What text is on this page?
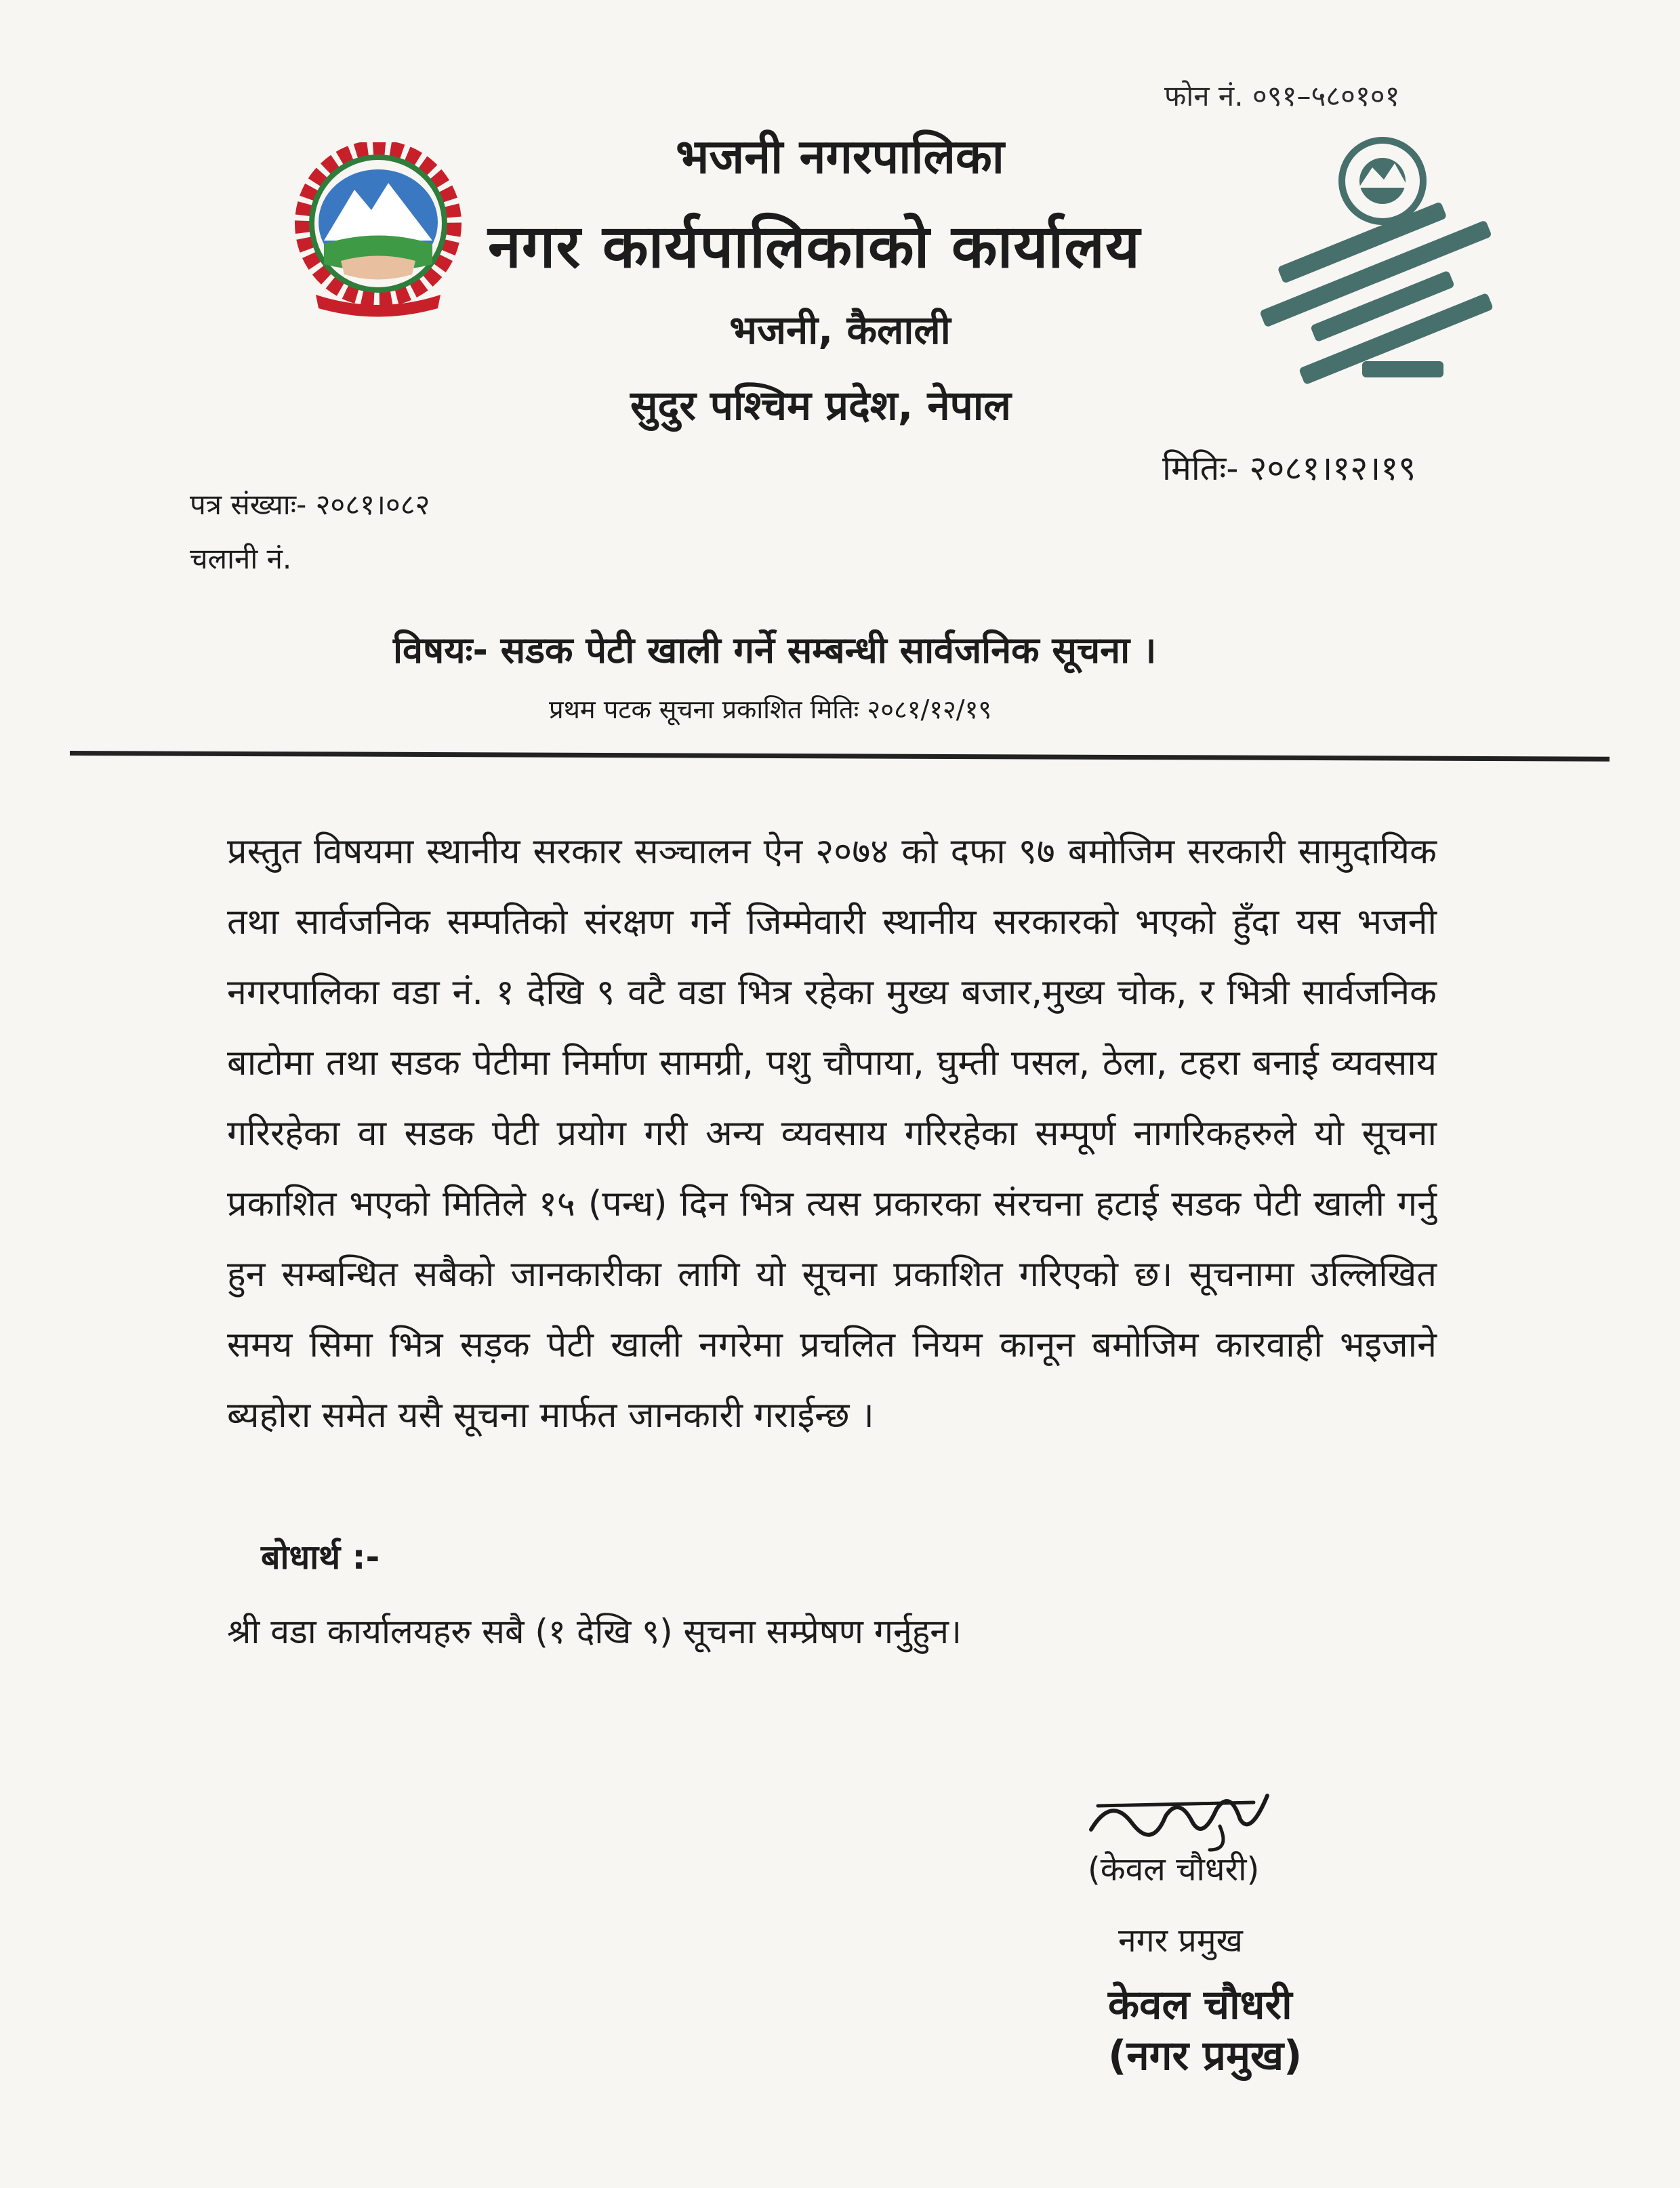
फोन नं. ०९१–५८०१०१
भजनी नगरपालिका
नगर कार्यपालिकाको कार्यालय
भजनी, कैलाली
सुदुर पश्चिम प्रदेश, नेपाल
मितिः- २०८१।१२।१९
पत्र संख्याः- २०८१।०८२
चलानी नं.
विषयः- सडक पेटी खाली गर्ने सम्बन्धी सार्वजनिक सूचना ।
प्रथम पटक सूचना प्रकाशित मितिः २०८१/१२/१९
प्रस्तुत विषयमा स्थानीय सरकार सञ्चालन ऐन २०७४ को दफा ९७ बमोजिम सरकारी सामुदायिक तथा सार्वजनिक सम्पतिको संरक्षण गर्ने जिम्मेवारी स्थानीय सरकारको भएको हुँदा यस भजनी नगरपालिका वडा नं. १ देखि ९ वटै वडा भित्र रहेका मुख्य बजार,मुख्य चोक, र भित्री सार्वजनिक बाटोमा तथा सडक पेटीमा निर्माण सामग्री, पशु चौपाया, घुम्ती पसल, ठेला, टहरा बनाई व्यवसाय गरिरहेका वा सडक पेटी प्रयोग गरी अन्य व्यवसाय गरिरहेका सम्पूर्ण नागरिकहरुले यो सूचना प्रकाशित भएको मितिले १५ (पन्ध) दिन भित्र त्यस प्रकारका संरचना हटाई सडक पेटी खाली गर्नु हुन सम्बन्धित सबैको जानकारीका लागि यो सूचना प्रकाशित गरिएको छ। सूचनामा उल्लिखित समय सिमा भित्र सड़क पेटी खाली नगरेमा प्रचलित नियम कानून बमोजिम कारवाही भइजाने ब्यहोरा समेत यसै सूचना मार्फत जानकारी गराईन्छ ।
बोधार्थ :-
श्री वडा कार्यालयहरु सबै (१ देखि ९) सूचना सम्प्रेषण गर्नुहुन।
(केवल चौधरी)
नगर प्रमुख
केवल चौधरी
(नगर प्रमुख)
